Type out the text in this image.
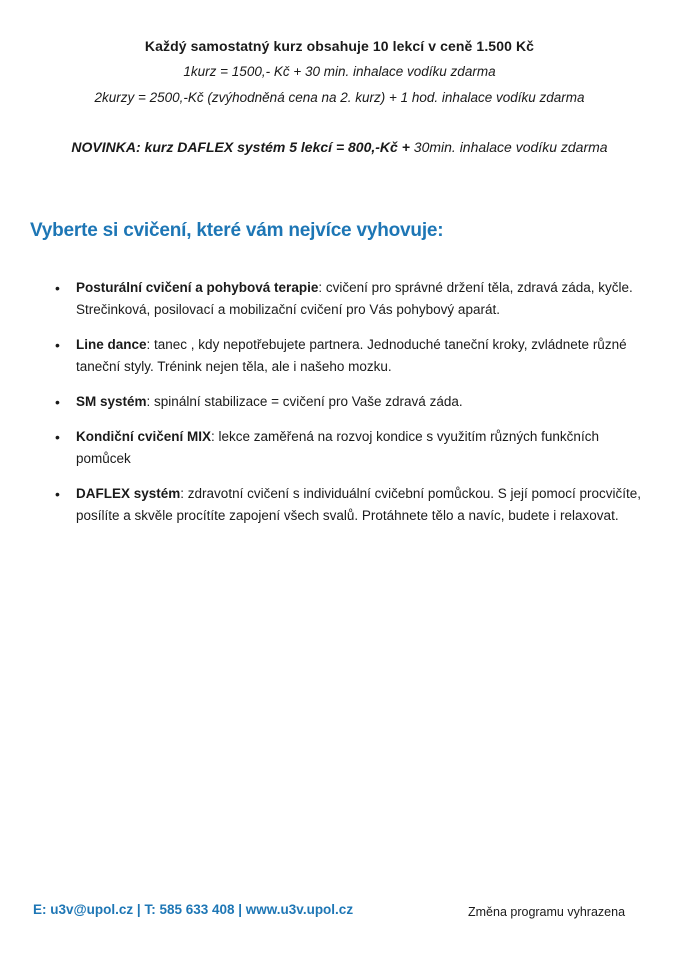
Každý samostatný kurz obsahuje 10 lekcí v ceně 1.500 Kč
1kurz = 1500,- Kč + 30 min. inhalace vodíku zdarma
2kurzy = 2500,-Kč (zvýhodněná cena na 2. kurz) + 1 hod. inhalace vodíku zdarma
NOVINKA: kurz DAFLEX systém 5 lekcí = 800,-Kč + 30min. inhalace vodíku zdarma
Vyberte si cvičení, které vám nejvíce vyhovuje:
• Posturální cvičení a pohybová terapie: cvičení pro správné držení těla, zdravá záda, kyčle. Strečinková, posilovací a mobilizační cvičení pro Vás pohybový aparát.
• Line dance: tanec , kdy nepotřebujete partnera. Jednoduché taneční kroky, zvládnete různé taneční styly. Trénink nejen těla, ale i našeho mozku.
• SM systém: spinální stabilizace = cvičení pro Vaše zdravá záda.
• Kondiční cvičení MIX: lekce zaměřená na rozvoj kondice s využitím různých funkčních pomůcek
• DAFLEX systém: zdravotní cvičení s individuální cvičební pomůckou. S její pomocí procvičíte, posílíte a skvěle procítíte zapojení všech svalů. Protáhnete tělo a navíc, budete i relaxovat.
E: u3v@upol.cz | T: 585 633 408 | www.u3v.upol.cz	Změna programu vyhrazena
